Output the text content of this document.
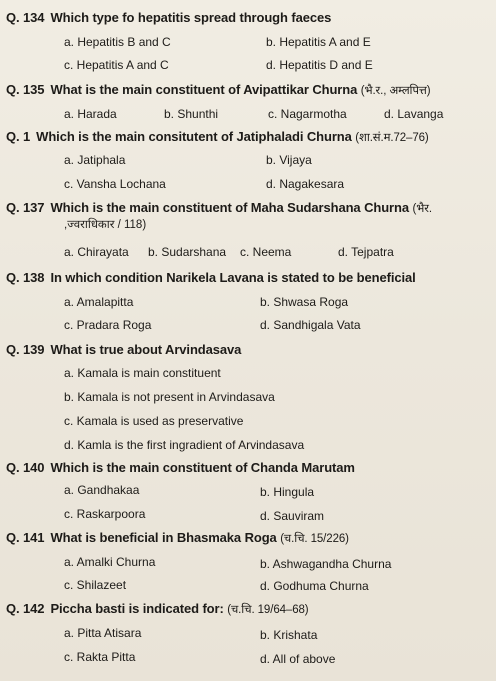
Q. 134 Which type fo hepatitis spread through faeces
a. Hepatitis B and C	b. Hepatitis A and E
c. Hepatitis A and C	d. Hepatitis D and E
Q. 135 What is the main constituent of Avipattikar Churna (भै.र., अम्लपित्त)
a. Harada	b. Shunthi	c. Nagarmotha	d. Lavanga
Q. 1 Which is the main consitutent of Jatiphaladi Churna (शा.सं.म.72–76)
a. Jatiphala	b. Vijaya
c. Vansha Lochana	d. Nagakesara
Q. 137 Which is the main constituent of Maha Sudarshana Churna (भैर.
,ज्वराधिकार / 118)
a. Chirayata b. Sudarshana c. Neema	d. Tejpatra
Q. 138 In which condition Narikela Lavana is stated to be beneficial
a. Amalapitta	b. Shwasa Roga
c. Pradara Roga	d. Sandhigala Vata
Q. 139 What is true about Arvindasava
a. Kamala is main constituent
b. Kamala is not present in Arvindasava
c. Kamala is used as preservative
d. Kamla is the first ingradient of Arvindasava
Q. 140 Which is the main constituent of Chanda Marutam
a. Gandhakaa	b. Hingula
c. Raskarpoora	d. Sauviram
Q. 141 What is beneficial in Bhasmaka Roga (च.चि. 15/226)
a. Amalki Churna	b. Ashwagandha Churna
c. Shilazeet	d. Godhuma Churna
Q. 142 Piccha basti is indicated for: (च.चि. 19/64–68)
a. Pitta Atisara	b. Krishata
c. Rakta Pitta	d. All of above
